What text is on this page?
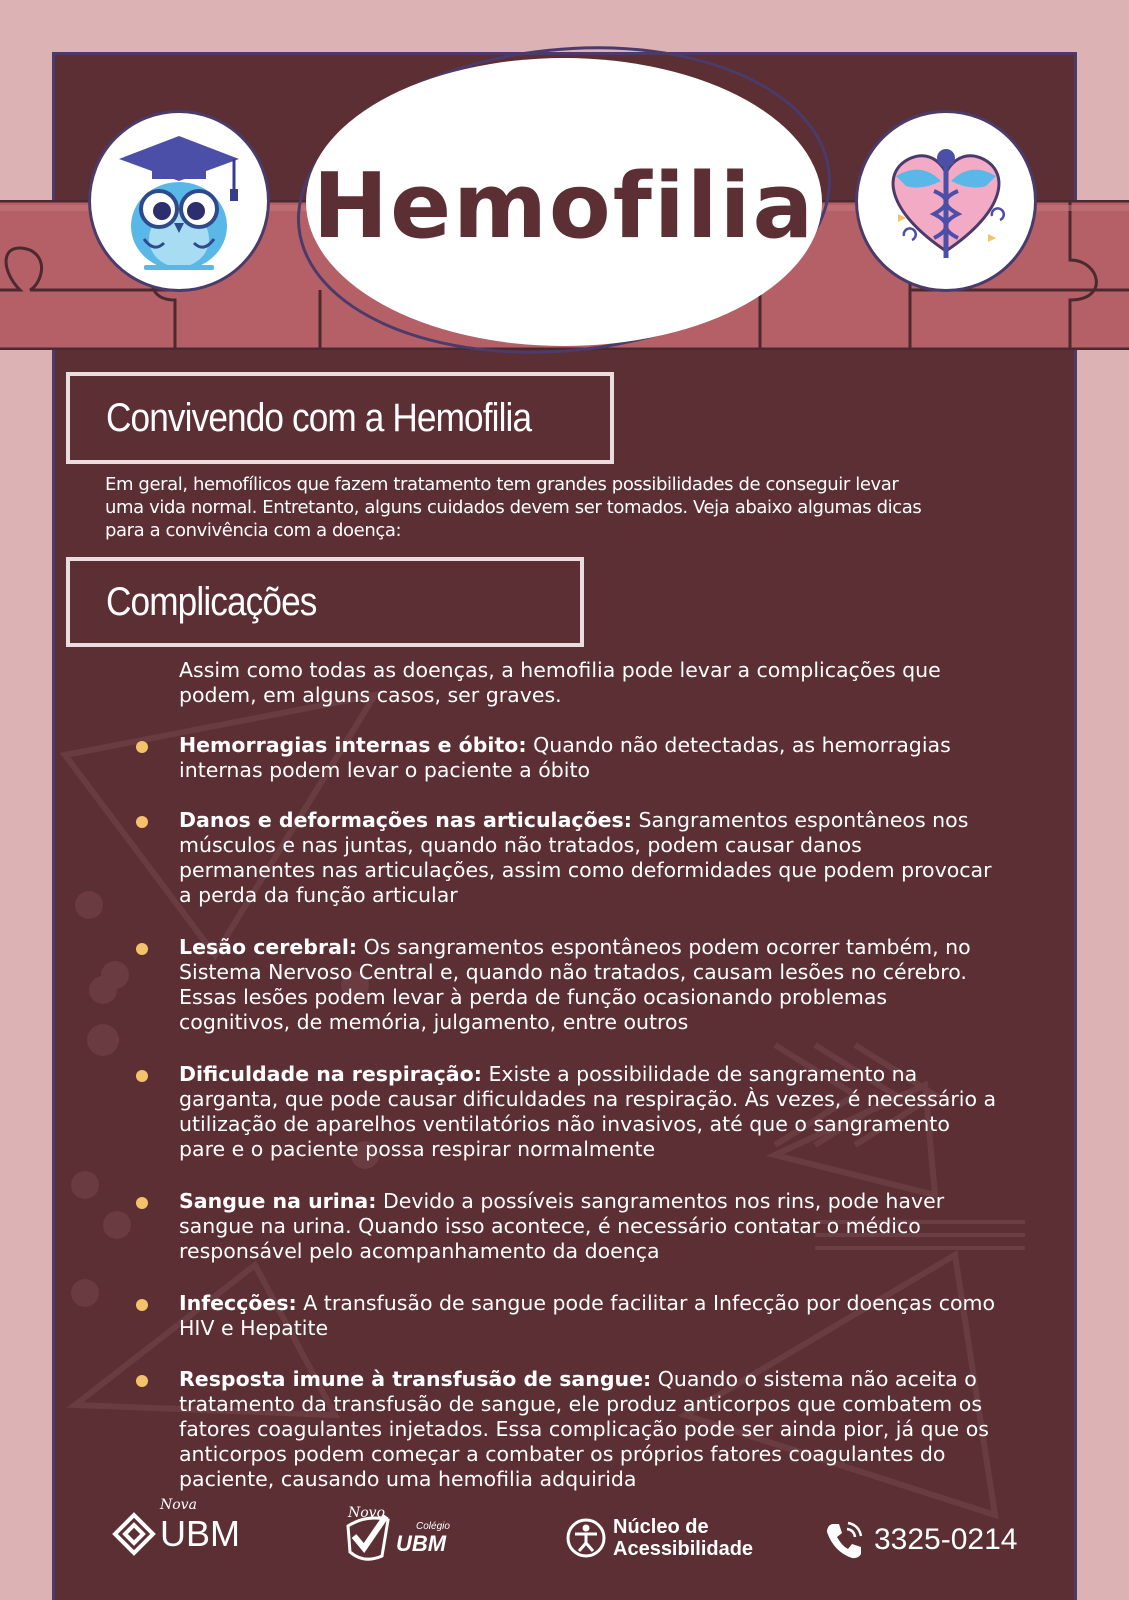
Hemofilia
Convivendo com a Hemofilia
Em geral, hemofílicos que fazem tratamento tem grandes possibilidades de conseguir levar uma vida normal. Entretanto, alguns cuidados devem ser tomados. Veja abaixo algumas dicas para a convivência com a doença:
Complicações
Assim como todas as doenças, a hemofilia pode levar a complicações que podem, em alguns casos, ser graves.
Hemorragias internas e óbito: Quando não detectadas, as hemorragias internas podem levar o paciente a óbito
Danos e deformações nas articulações: Sangramentos espontâneos nos músculos e nas juntas, quando não tratados, podem causar danos permanentes nas articulações, assim como deformidades que podem provocar a perda da função articular
Lesão cerebral: Os sangramentos espontâneos podem ocorrer também, no Sistema Nervoso Central e, quando não tratados, causam lesões no cérebro. Essas lesões podem levar à perda de função ocasionando problemas cognitivos, de memória, julgamento, entre outros
Dificuldade na respiração: Existe a possibilidade de sangramento na garganta, que pode causar dificuldades na respiração. Às vezes, é necessário a utilização de aparelhos ventilatórios não invasivos, até que o sangramento pare e o paciente possa respirar normalmente
Sangue na urina: Devido a possíveis sangramentos nos rins, pode haver sangue na urina. Quando isso acontece, é necessário contatar o médico responsável pelo acompanhamento da doença
Infecções: A transfusão de sangue pode facilitar a Infecção por doenças como HIV e Hepatite
Resposta imune à transfusão de sangue: Quando o sistema não aceita o tratamento da transfusão de sangue, ele produz anticorpos que combatem os fatores coagulantes injetados. Essa complicação pode ser ainda pior, já que os anticorpos podem começar a combater os próprios fatores coagulantes do paciente, causando uma hemofilia adquirida
Nova
UBM	Novo
Colégio
UBM
Núcleo de
Acessibilidade	3325-0214
